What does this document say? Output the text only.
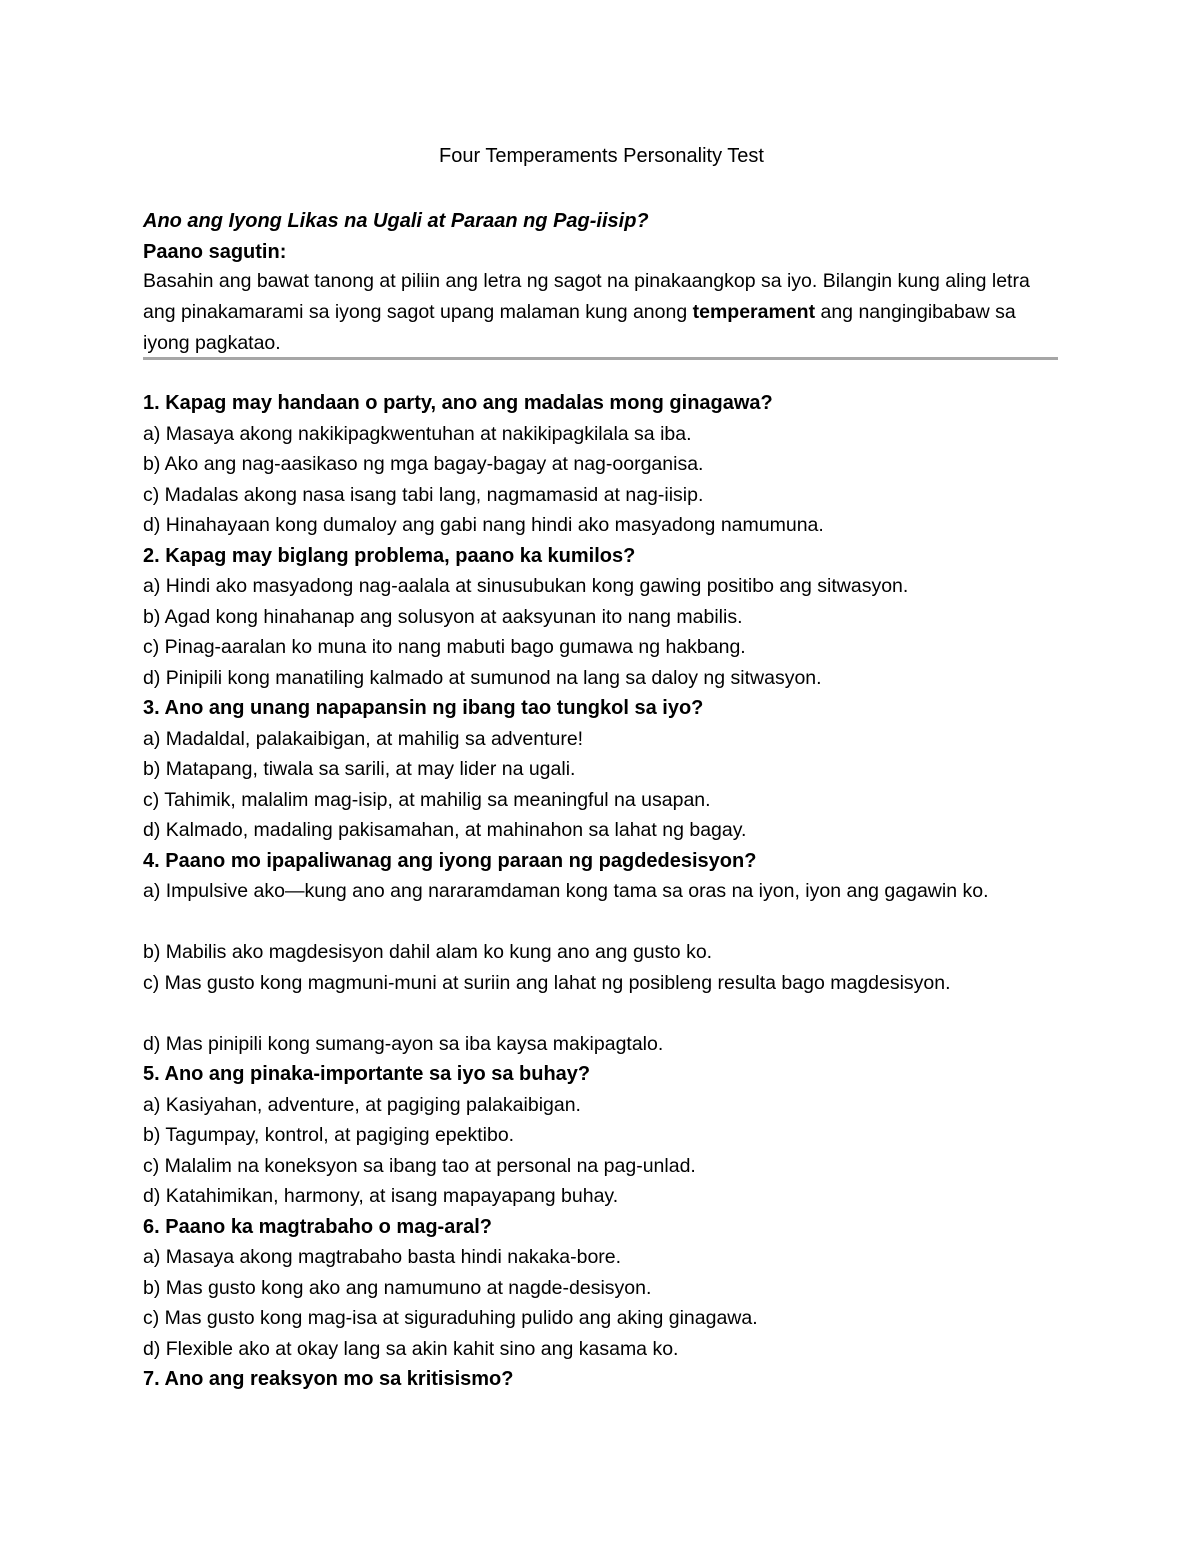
Four Temperaments Personality Test
Ano ang Iyong Likas na Ugali at Paraan ng Pag-iisip?
Paano sagutin:
Basahin ang bawat tanong at piliin ang letra ng sagot na pinakaangkop sa iyo. Bilangin kung aling letra ang pinakamarami sa iyong sagot upang malaman kung anong temperament ang nangingibabaw sa iyong pagkatao.

1. Kapag may handaan o party, ano ang madalas mong ginagawa?

a) Masaya akong nakikipagkwentuhan at nakikipagkilala sa iba.

b) Ako ang nag-aasikaso ng mga bagay-bagay at nag-oorganisa.

c) Madalas akong nasa isang tabi lang, nagmamasid at nag-iisip.

d) Hinahayaan kong dumaloy ang gabi nang hindi ako masyadong namumuna.

2. Kapag may biglang problema, paano ka kumilos?

a) Hindi ako masyadong nag-aalala at sinusubukan kong gawing positibo ang sitwasyon.

b) Agad kong hinahanap ang solusyon at aaksyunan ito nang mabilis.

c) Pinag-aaralan ko muna ito nang mabuti bago gumawa ng hakbang.

d) Pinipili kong manatiling kalmado at sumunod na lang sa daloy ng sitwasyon.

3. Ano ang unang napapansin ng ibang tao tungkol sa iyo?

a) Madaldal, palakaibigan, at mahilig sa adventure!

b) Matapang, tiwala sa sarili, at may lider na ugali.

c) Tahimik, malalim mag-isip, at mahilig sa meaningful na usapan.

d) Kalmado, madaling pakisamahan, at mahinahon sa lahat ng bagay.

4. Paano mo ipapaliwanag ang iyong paraan ng pagdedesisyon?

a) Impulsive ako—kung ano ang nararamdaman kong tama sa oras na iyon, iyon ang gagawin ko.

b) Mabilis ako magdesisyon dahil alam ko kung ano ang gusto ko.

c) Mas gusto kong magmuni-muni at suriin ang lahat ng posibleng resulta bago magdesisyon.

d) Mas pinipili kong sumang-ayon sa iba kaysa makipagtalo.

5. Ano ang pinaka-importante sa iyo sa buhay?

a) Kasiyahan, adventure, at pagiging palakaibigan.

b) Tagumpay, kontrol, at pagiging epektibo.

c) Malalim na koneksyon sa ibang tao at personal na pag-unlad.

d) Katahimikan, harmony, at isang mapayapang buhay.

6. Paano ka magtrabaho o mag-aral?

a) Masaya akong magtrabaho basta hindi nakaka-bore.

b) Mas gusto kong ako ang namumuno at nagde-desisyon.

c) Mas gusto kong mag-isa at siguraduhing pulido ang aking ginagawa.

d) Flexible ako at okay lang sa akin kahit sino ang kasama ko.

7. Ano ang reaksyon mo sa kritisismo?
